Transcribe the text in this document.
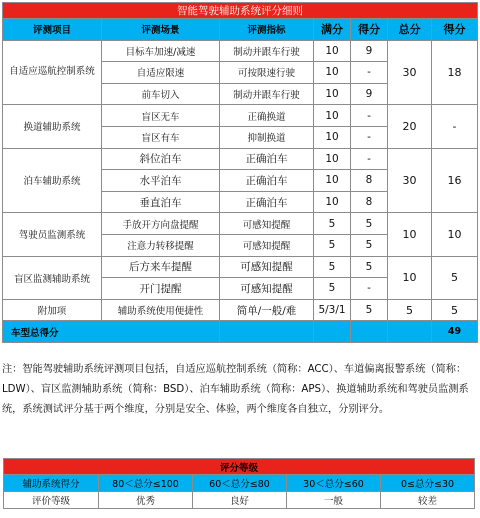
智能驾驶辅助系统评分细则						
评测项目	评测场景	评测指标	满分	得分	总分	得分
自适应巡航控制系统	目标车加速/减速	制动并跟车行驶	10	9	30	18
	自适应限速	可按限速行驶	10	-		
	前车切入	制动并跟车行驶	10	9		
换道辅助系统	盲区无车	正确换道	10	-	20	-
	盲区有车	抑制换道	10	-		
泊车辅助系统	斜位泊车	正确泊车	10	-	30	16
	水平泊车	正确泊车	10	8		
	垂直泊车	正确泊车	10	8		
驾驶员监测系统	手放开方向盘提醒	可感知提醒	5	5	10	10
	注意力转移提醒	可感知提醒	5	5		
盲区监测辅助系统	后方来车提醒	可感知提醒	5	5	10	5
	开门提醒	可感知提醒	5	-		
附加项	辅助系统使用便捷性	简单/一般/难	5/3/1	5	5	5
车型总得分						49
注：智能驾驶辅助系统评测项目包括，自适应巡航控制系统（简称：ACC）、车道偏离报警系统（简称：LDW）、盲区监测辅助系统（简称：BSD）、泊车辅助系统（简称：APS）、换道辅助系统和驾驶员监测系统，系统测试评分基于两个维度，分别是安全、体验，两个维度各自独立，分别评分。
评分等级				
辅助系统得分	80＜总分≤100	60＜总分≤80	30＜总分≤60	0≤总分≤30
评价等级	优秀	良好	一般	较差
